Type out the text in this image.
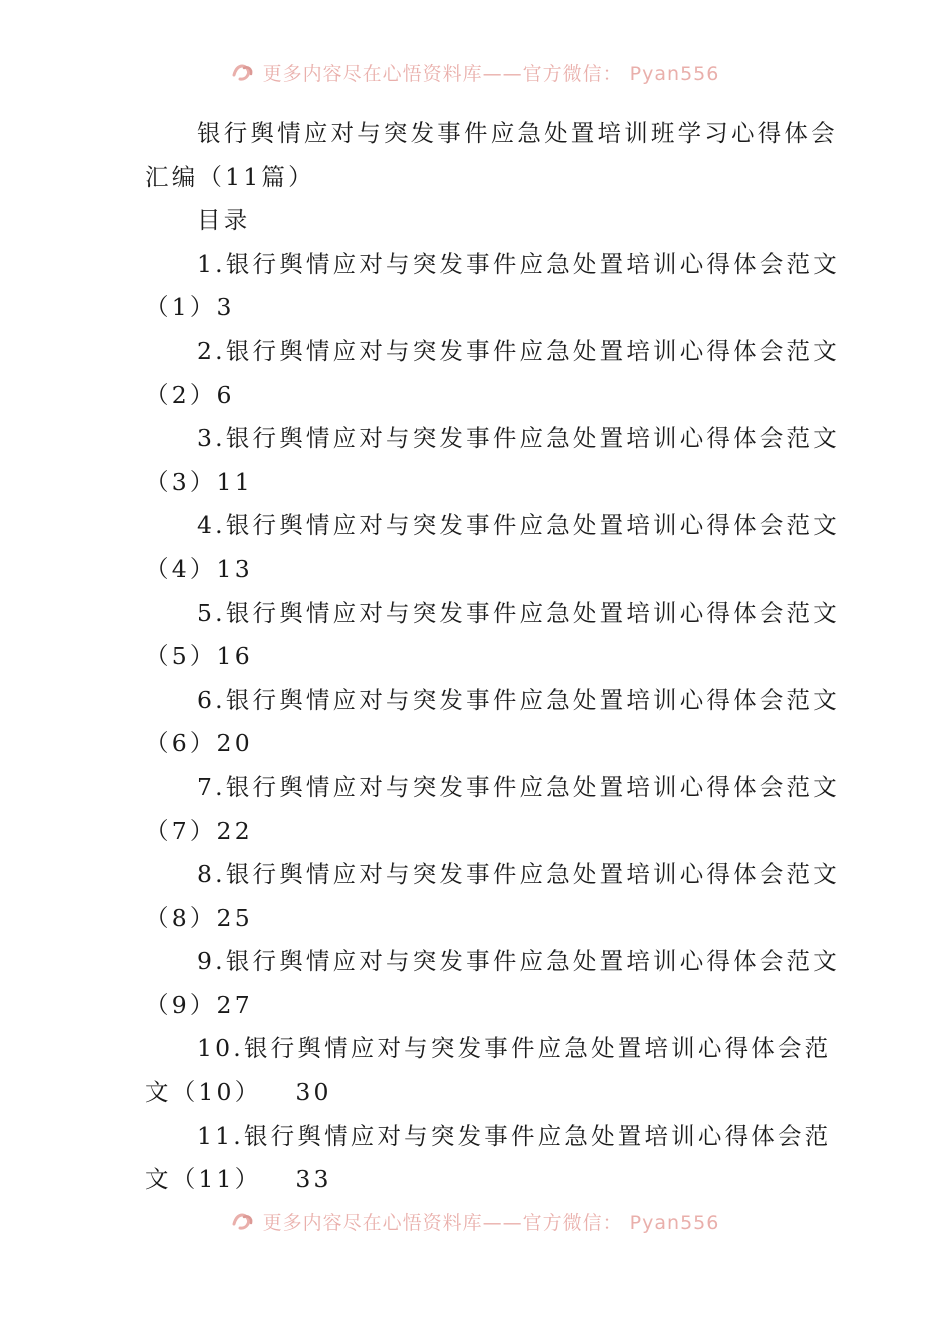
更多内容尽在心悟资料库——官方微信： Pyan556
银行舆情应对与突发事件应急处置培训班学习心得体会
汇编（11篇）
目录
1.银行舆情应对与突发事件应急处置培训心得体会范文
（1）3
2.银行舆情应对与突发事件应急处置培训心得体会范文
（2）6
3.银行舆情应对与突发事件应急处置培训心得体会范文
（3）11
4.银行舆情应对与突发事件应急处置培训心得体会范文
（4）13
5.银行舆情应对与突发事件应急处置培训心得体会范文
（5）16
6.银行舆情应对与突发事件应急处置培训心得体会范文
（6）20
7.银行舆情应对与突发事件应急处置培训心得体会范文
（7）22
8.银行舆情应对与突发事件应急处置培训心得体会范文
（8）25
9.银行舆情应对与突发事件应急处置培训心得体会范文
（9）27
10.银行舆情应对与突发事件应急处置培训心得体会范
文（10） 30
11.银行舆情应对与突发事件应急处置培训心得体会范
文（11） 33
更多内容尽在心悟资料库——官方微信： Pyan556
